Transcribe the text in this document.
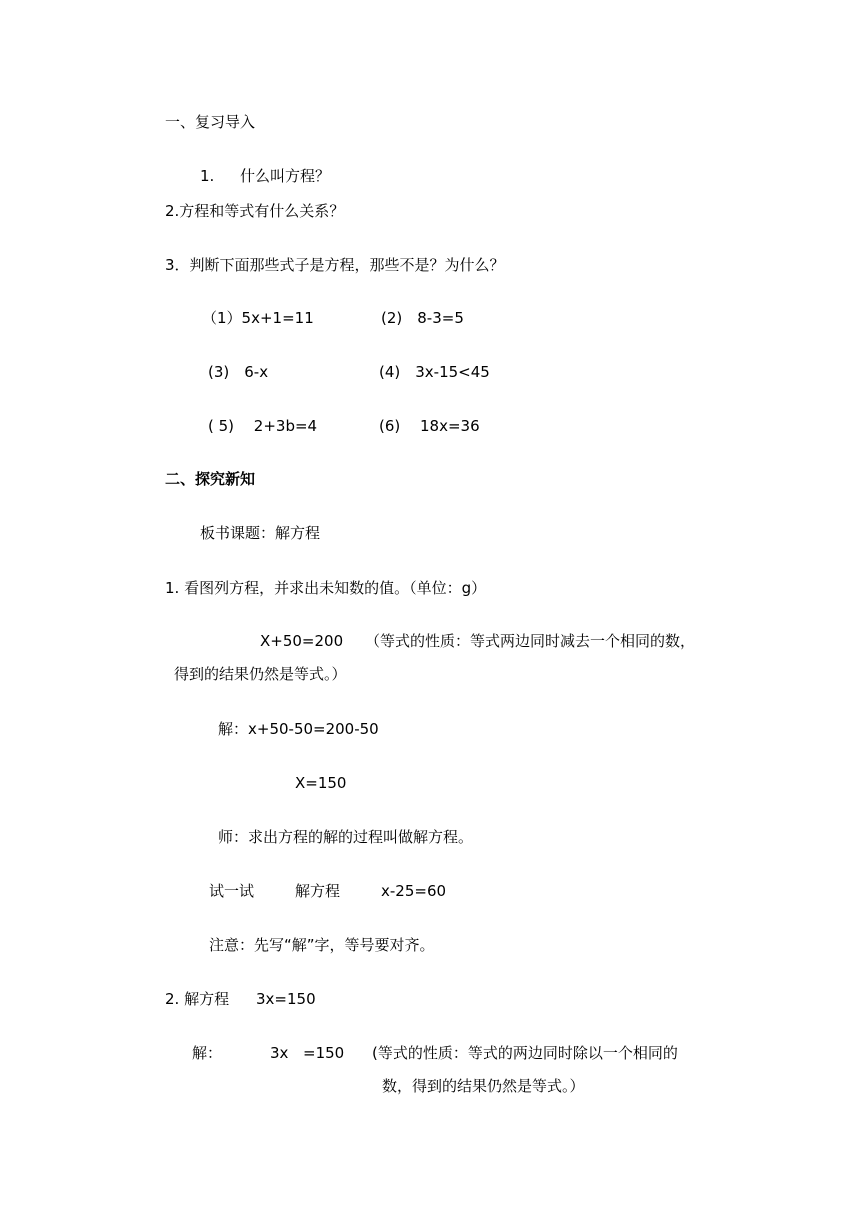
一、复习导入
1. 什么叫方程？
2.方程和等式有什么关系？
3．判断下面那些式子是方程，那些不是？为什么？
（1）5x+1=11	(2)　8-3=5
(3)　6-x	(4)　3x-15<45
( 5)　 2+3b=4	(6)　 18x=36
二、探究新知
板书课题：解方程
1. 看图列方程，并求出未知数的值。（单位：g）
X+50=200 （等式的性质：等式两边同时减去一个相同的数，
得到的结果仍然是等式。）
解：x+50-50=200-50
X=150
师：求出方程的解的过程叫做解方程。
试一试	解方程	x-25=60
注意：先写“解”字，等号要对齐。
2. 解方程 3x=150
解：	3x =150 (等式的性质：等式的两边同时除以一个相同的
数，得到的结果仍然是等式。）
